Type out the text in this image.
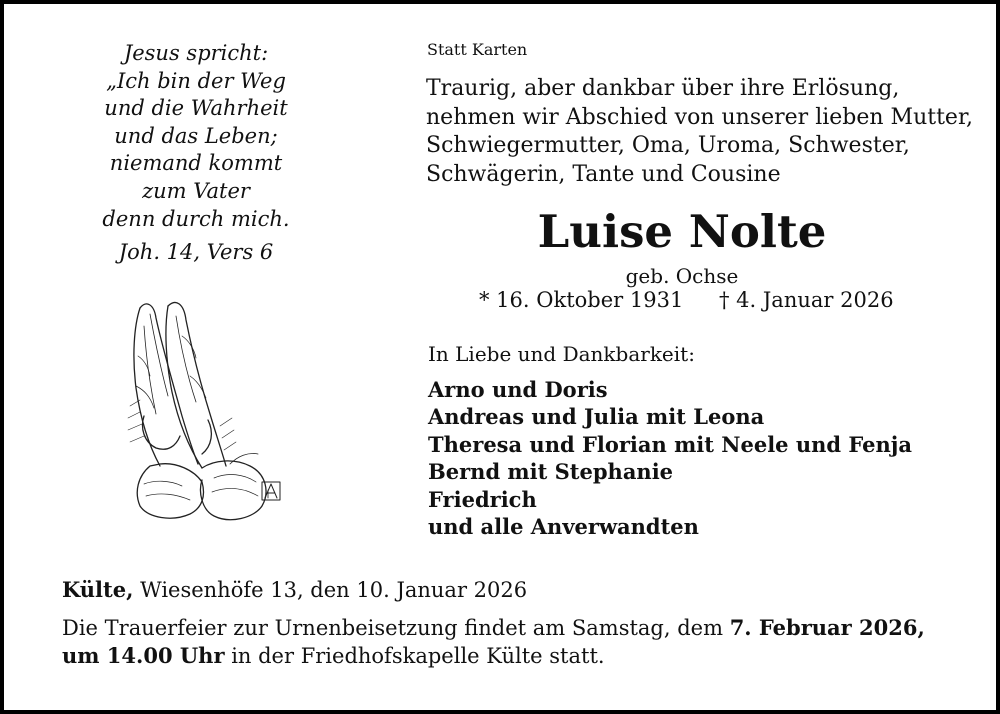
Jesus spricht:
„Ich bin der Weg
und die Wahrheit
und das Leben;
niemand kommt
zum Vater
denn durch mich.
Joh. 14, Vers 6
Statt Karten
Traurig, aber dankbar über ihre Erlösung,
nehmen wir Abschied von unserer lieben Mutter,
Schwiegermutter, Oma, Uroma, Schwester,
Schwägerin, Tante und Cousine
Luise Nolte
geb. Ochse
* 16. Oktober 1931 † 4. Januar 2026
In Liebe und Dankbarkeit:
Arno und Doris
Andreas und Julia mit Leona
Theresa und Florian mit Neele und Fenja
Bernd mit Stephanie
Friedrich
und alle Anverwandten
Külte, Wiesenhöfe 13, den 10. Januar 2026
Die Trauerfeier zur Urnenbeisetzung findet am Samstag, dem 7. Februar 2026, um 14.00 Uhr in der Friedhofskapelle Külte statt.
